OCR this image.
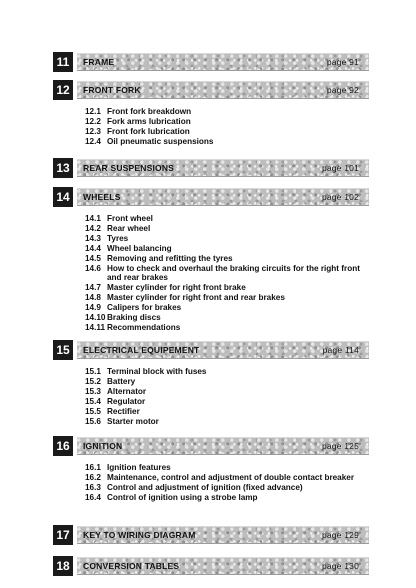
11	FRAME	page 91
12	FRONT FORK	page 92
12.1 Front fork breakdown
12.2 Fork arms lubrication
12.3 Front fork lubrication
12.4 Oil pneumatic suspensions
13	REAR SUSPENSIONS	page 101
14	WHEELS	page 102
14.1 Front wheel
14.2 Rear wheel
14.3 Tyres
14.4 Wheel balancing
14.5 Removing and refitting the tyres
14.6 How to check and overhaul the braking circuits for the right front and rear brakes
14.7 Master cylinder for right front brake
14.8 Master cylinder for right front and rear brakes
14.9 Calipers for brakes
14.10 Braking discs
14.11 Recommendations
15	ELECTRICAL EQUIPEMENT	page 114
15.1 Terminal block with fuses
15.2 Battery
15.3 Alternator
15.4 Regulator
15.5 Rectifier
15.6 Starter motor
16	IGNITION	page 125
16.1 Ignition features
16.2 Maintenance, control and adjustment of double contact breaker
16.3 Control and adjustment of ignition (fixed advance)
16.4 Control of ignition using a strobe lamp
17	KEY TO WIRING DIAGRAM	page 129
18	CONVERSION TABLES	page 130
